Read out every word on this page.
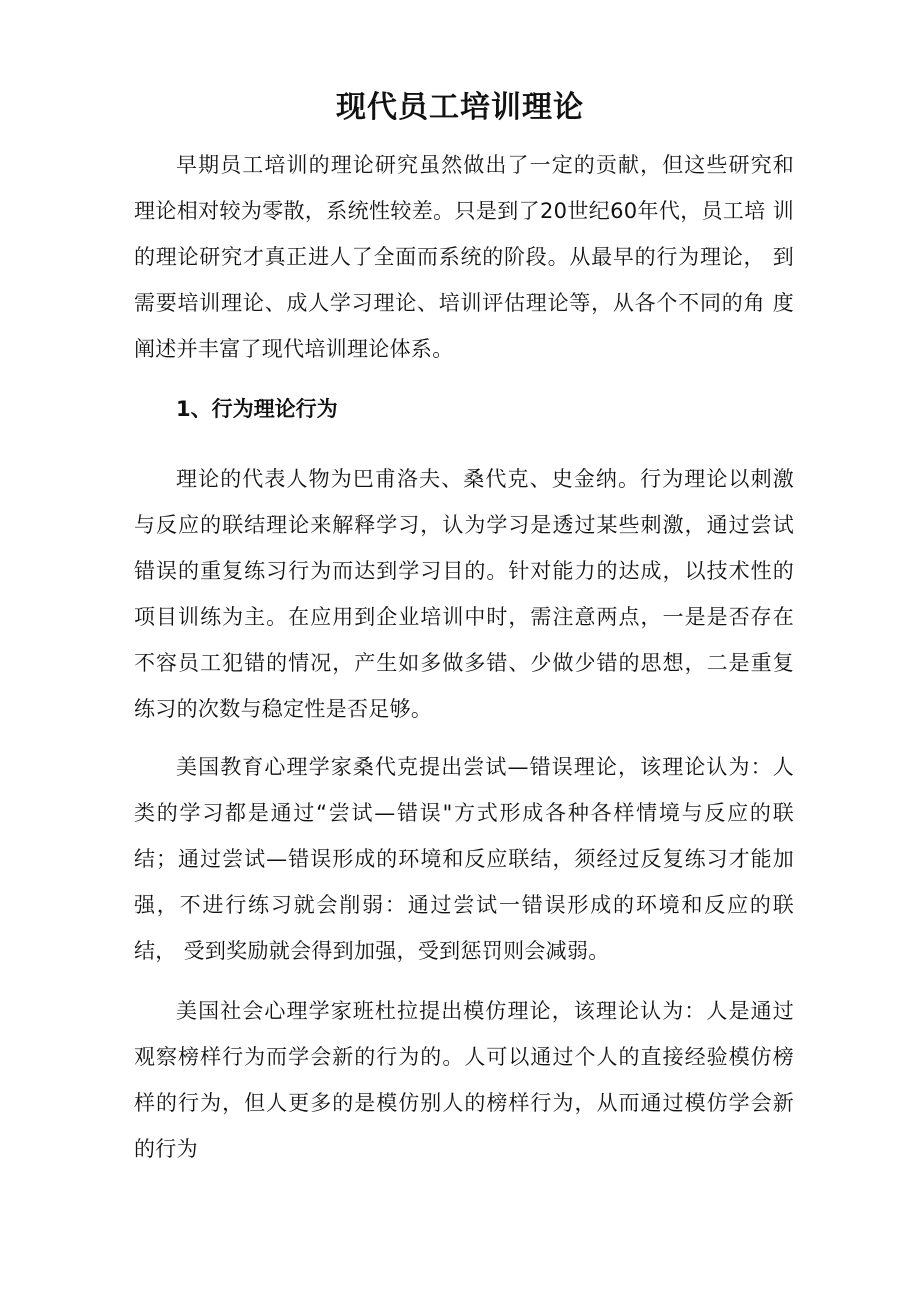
现代员工培训理论

早期员工培训的理论研究虽然做出了一定的贡献，但这些研究和 理论相对较为零散，系统性较差。只是到了20世纪60年代，员工培 训的理论研究才真正进人了全面而系统的阶段。从最早的行为理论， 到需要培训理论、成人学习理论、培训评估理论等，从各个不同的角 度阐述并丰富了现代培训理论体系。

1、行为理论行为

理论的代表人物为巴甫洛夫、桑代克、史金纳。行为理论以刺激 与反应的联结理论来解释学习，认为学习是透过某些刺激，通过尝试 错误的重复练习行为而达到学习目的。针对能力的达成，以技术性的 项目训练为主。在应用到企业培训中时，需注意两点，一是是否存在 不容员工犯错的情况，产生如多做多错、少做少错的思想，二是重复 练习的次数与稳定性是否足够。

美国教育心理学家桑代克提出尝试—错误理论，该理论认为：人 类的学习都是通过“尝试—错误"方式形成各种各样情境与反应的联 结；通过尝试—错误形成的环境和反应联结，须经过反复练习才能加 强，不进行练习就会削弱：通过尝试一错误形成的环境和反应的联结， 受到奖励就会得到加强，受到惩罚则会减弱。

美国社会心理学家班杜拉提出模仿理论，该理论认为：人是通过 观察榜样行为而学会新的行为的。人可以通过个人的直接经验模仿榜 样的行为，但人更多的是模仿别人的榜样行为，从而通过模仿学会新 的行为
